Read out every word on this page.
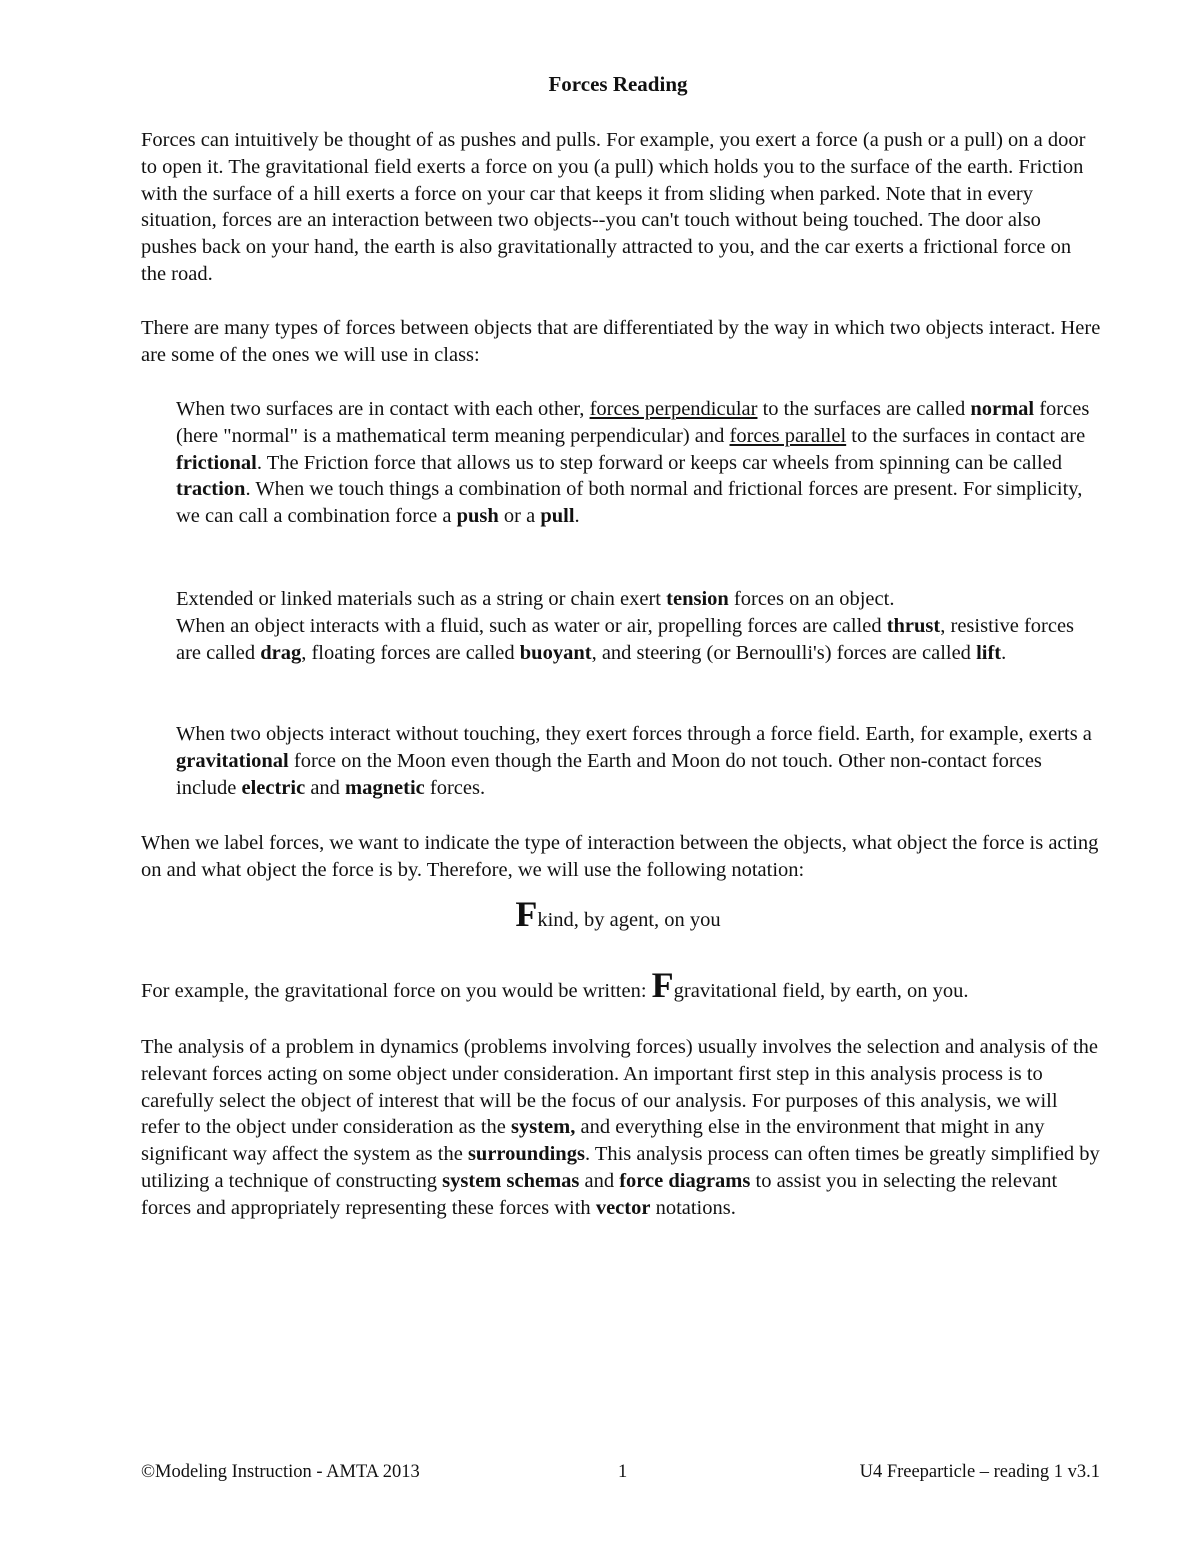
Forces Reading

Forces can intuitively be thought of as pushes and pulls. For example, you exert a force (a push or a pull) on a door to open it. The gravitational field exerts a force on you (a pull) which holds you to the surface of the earth. Friction with the surface of a hill exerts a force on your car that keeps it from sliding when parked. Note that in every situation, forces are an interaction between two objects--you can't touch without being touched. The door also pushes back on your hand, the earth is also gravitationally attracted to you, and the car exerts a frictional force on the road.

There are many types of forces between objects that are differentiated by the way in which two objects interact. Here are some of the ones we will use in class:

When two surfaces are in contact with each other, forces perpendicular to the surfaces are called normal forces (here "normal" is a mathematical term meaning perpendicular) and forces parallel to the surfaces in contact are frictional. The Friction force that allows us to step forward or keeps car wheels from spinning can be called traction. When we touch things a combination of both normal and frictional forces are present. For simplicity, we can call a combination force a push or a pull.

Extended or linked materials such as a string or chain exert tension forces on an object.
When an object interacts with a fluid, such as water or air, propelling forces are called thrust, resistive forces are called drag, floating forces are called buoyant, and steering (or Bernoulli's) forces are called lift.

When two objects interact without touching, they exert forces through a force field. Earth, for example, exerts a gravitational force on the Moon even though the Earth and Moon do not touch. Other non-contact forces include electric and magnetic forces.

When we label forces, we want to indicate the type of interaction between the objects, what object the force is acting on and what object the force is by. Therefore, we will use the following notation:

Fkind, by agent, on you

For example, the gravitational force on you would be written: Fgravitational field, by earth, on you.

The analysis of a problem in dynamics (problems involving forces) usually involves the selection and analysis of the relevant forces acting on some object under consideration. An important first step in this analysis process is to carefully select the object of interest that will be the focus of our analysis. For purposes of this analysis, we will refer to the object under consideration as the system, and everything else in the environment that might in any significant way affect the system as the surroundings. This analysis process can often times be greatly simplified by utilizing a technique of constructing system schemas and force diagrams to assist you in selecting the relevant forces and appropriately representing these forces with vector notations.

©Modeling Instruction - AMTA 2013	1	U4 Freeparticle – reading 1 v3.1
